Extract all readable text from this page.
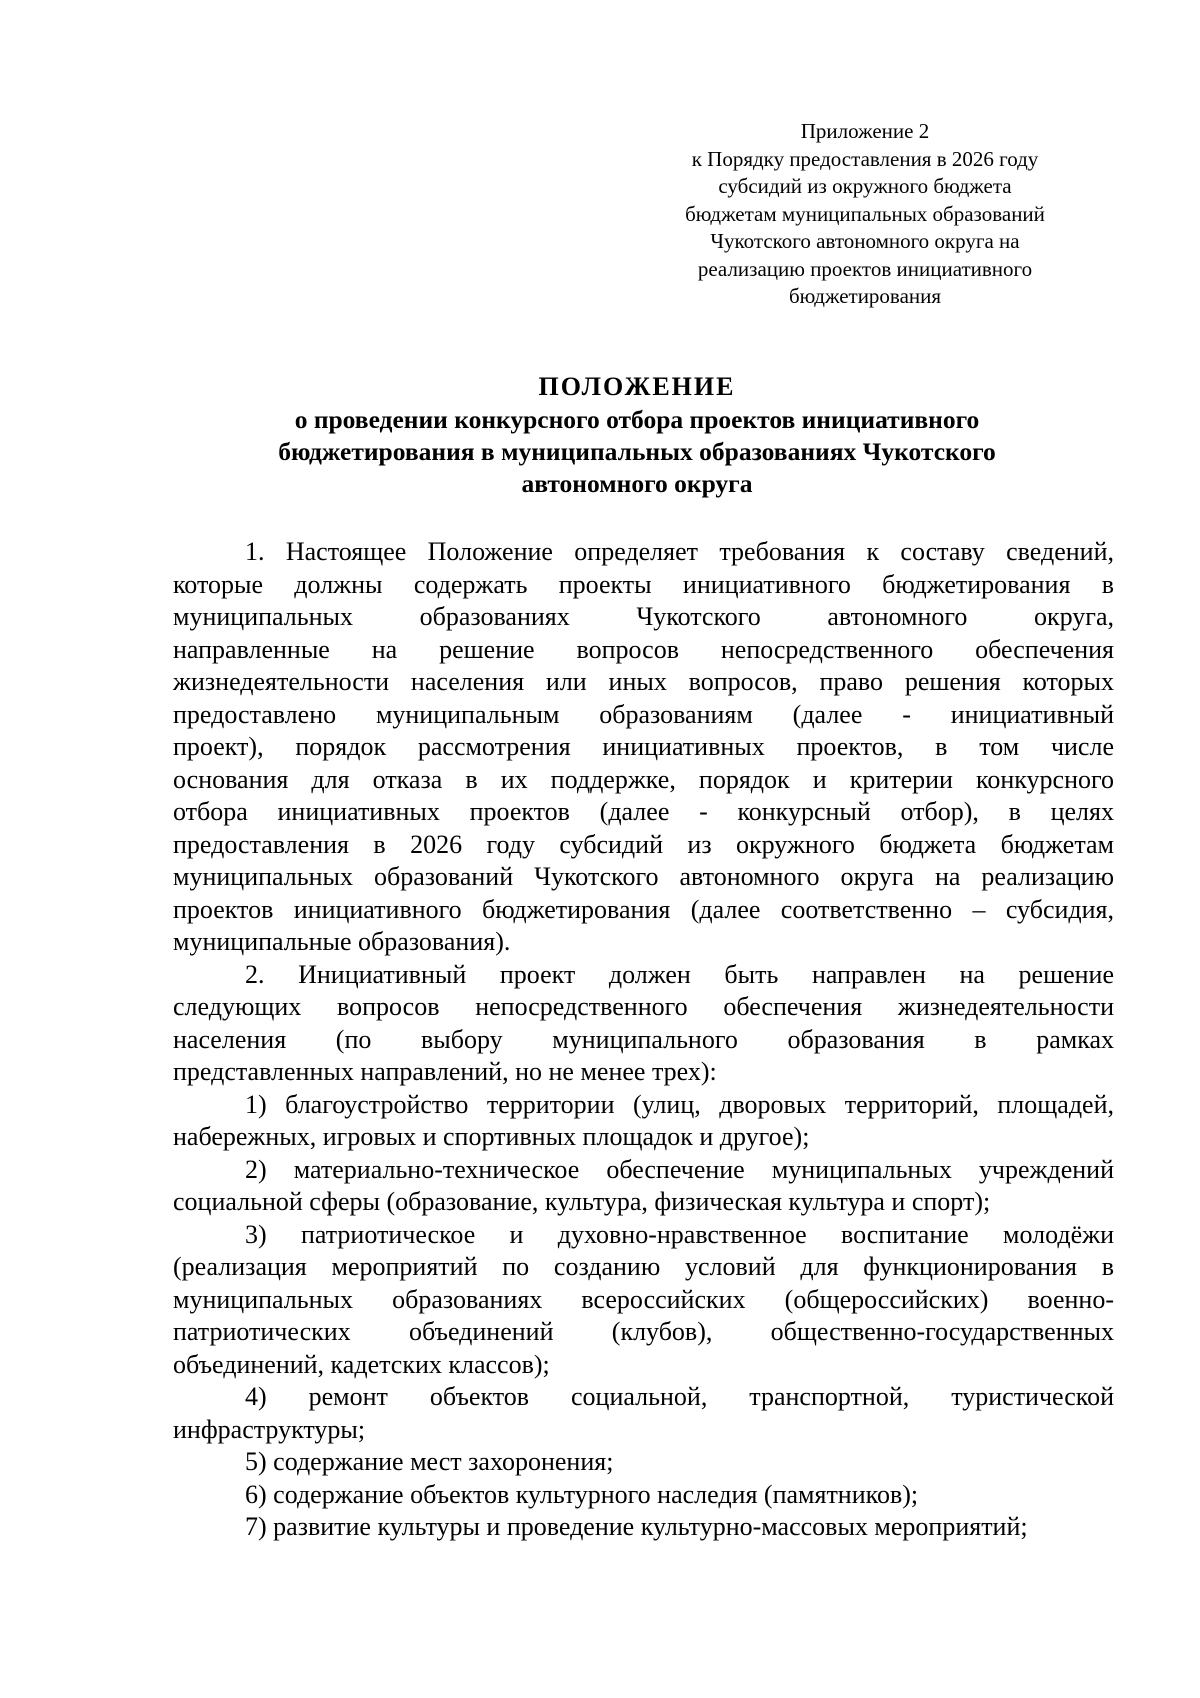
Приложение 2
к Порядку предоставления в 2026 году
субсидий из окружного бюджета
бюджетам муниципальных образований
Чукотского автономного округа на
реализацию проектов инициативного
бюджетирования
ПОЛОЖЕНИЕ
о проведении конкурсного отбора проектов инициативного
бюджетирования в муниципальных образованиях Чукотского
автономного округа
1. Настоящее Положение определяет требования к составу сведений,
которые должны содержать проекты инициативного бюджетирования в
муниципальных образованиях Чукотского автономного округа,
направленные на решение вопросов непосредственного обеспечения
жизнедеятельности населения или иных вопросов, право решения которых
предоставлено муниципальным образованиям (далее - инициативный
проект), порядок рассмотрения инициативных проектов, в том числе
основания для отказа в их поддержке, порядок и критерии конкурсного
отбора инициативных проектов (далее - конкурсный отбор), в целях
предоставления в 2026 году субсидий из окружного бюджета бюджетам
муниципальных образований Чукотского автономного округа на реализацию
проектов инициативного бюджетирования (далее соответственно – субсидия,
муниципальные образования).
2. Инициативный проект должен быть направлен на решение
следующих вопросов непосредственного обеспечения жизнедеятельности
населения (по выбору муниципального образования в рамках
представленных направлений, но не менее трех):
1) благоустройство территории (улиц, дворовых территорий, площадей,
набережных, игровых и спортивных площадок и другое);
2) материально-техническое обеспечение муниципальных учреждений
социальной сферы (образование, культура, физическая культура и спорт);
3) патриотическое и духовно-нравственное воспитание молодёжи
(реализация мероприятий по созданию условий для функционирования в
муниципальных образованиях всероссийских (общероссийских) военно-
патриотических объединений (клубов), общественно-государственных
объединений, кадетских классов);
4) ремонт объектов социальной, транспортной, туристической
инфраструктуры;
5) содержание мест захоронения;
6) содержание объектов культурного наследия (памятников);
7) развитие культуры и проведение культурно-массовых мероприятий;
